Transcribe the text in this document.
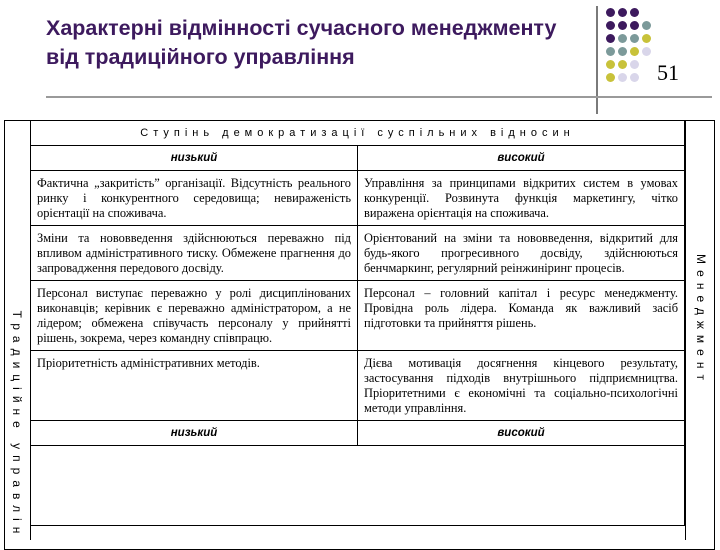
Характерні відмінності сучасного менеджменту від традиційного управління
51
Традиційне управлін	Менеджмент
Ступінь демократизації суспільних відносин	
низький	високий
Фактична „закритість” організації. Відсутність реального ринку і конкурентного середовища; невираженість орієнтації на споживача.	Управління за принципами відкритих систем в умовах конкуренції. Розвинута функція маркетингу, чітко виражена орієнтація на споживача.
Зміни та нововведення здійснюються переважно під впливом адміністративного тиску. Обмежене прагнення до запровадження передового досвіду.	Орієнтований на зміни та нововведення, відкритий для будь-якого прогресивного досвіду, здійснюються бенчмаркинг, регулярний реінжиніринг процесів.
Персонал виступає переважно у ролі дисциплінованих виконавців; керівник є переважно адміністратором, а не лідером; обмежена співучасть персоналу у прийнятті рішень, зокрема, через командну співпрацю.	Персонал – головний капітал і ресурс менеджменту. Провідна роль лідера. Команда як важливий засіб підготовки та прийняття рішень.
Пріоритетність адміністративних методів.	Дієва мотивація досягнення кінцевого результату, застосування підходів внутрішнього підприємництва. Пріоритетними є економічні та соціально-психологічні методи управління.
низький	високий
